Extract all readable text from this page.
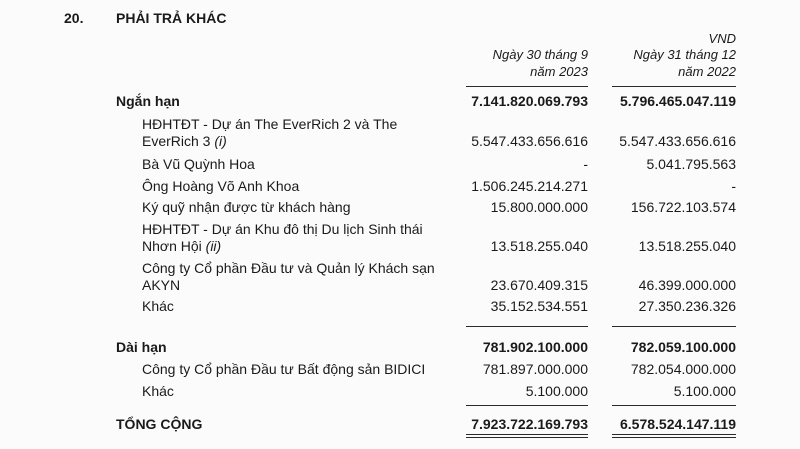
20. PHẢI TRẢ KHÁC
VND
Ngày 30 tháng 9
năm 2023
Ngày 31 tháng 12
năm 2022
Ngắn hạn	7.141.820.069.793 5.796.465.047.119
HĐHTĐT - Dự án The EverRich 2 và The
EverRich 3 (i)	5.547.433.656.616 5.547.433.656.616
Bà Vũ Quỳnh Hoa	-	5.041.795.563
Ông Hoàng Võ Anh Khoa	1.506.245.214.271	-
Ký quỹ nhận được từ khách hàng	15.800.000.000	156.722.103.574
HĐHTĐT - Dự án Khu đô thị Du lịch Sinh thái
Nhơn Hội (ii)	13.518.255.040	13.518.255.040
Công ty Cổ phần Đầu tư và Quản lý Khách sạn
AKYN	23.670.409.315	46.399.000.000
Khác	35.152.534.551	27.350.236.326
Dài hạn	781.902.100.000	782.059.100.000
Công ty Cổ phần Đầu tư Bất động sản BIDICI	781.897.000.000	782.054.000.000
Khác	5.100.000	5.100.000
TỔNG CỘNG	7.923.722.169.793 6.578.524.147.119
